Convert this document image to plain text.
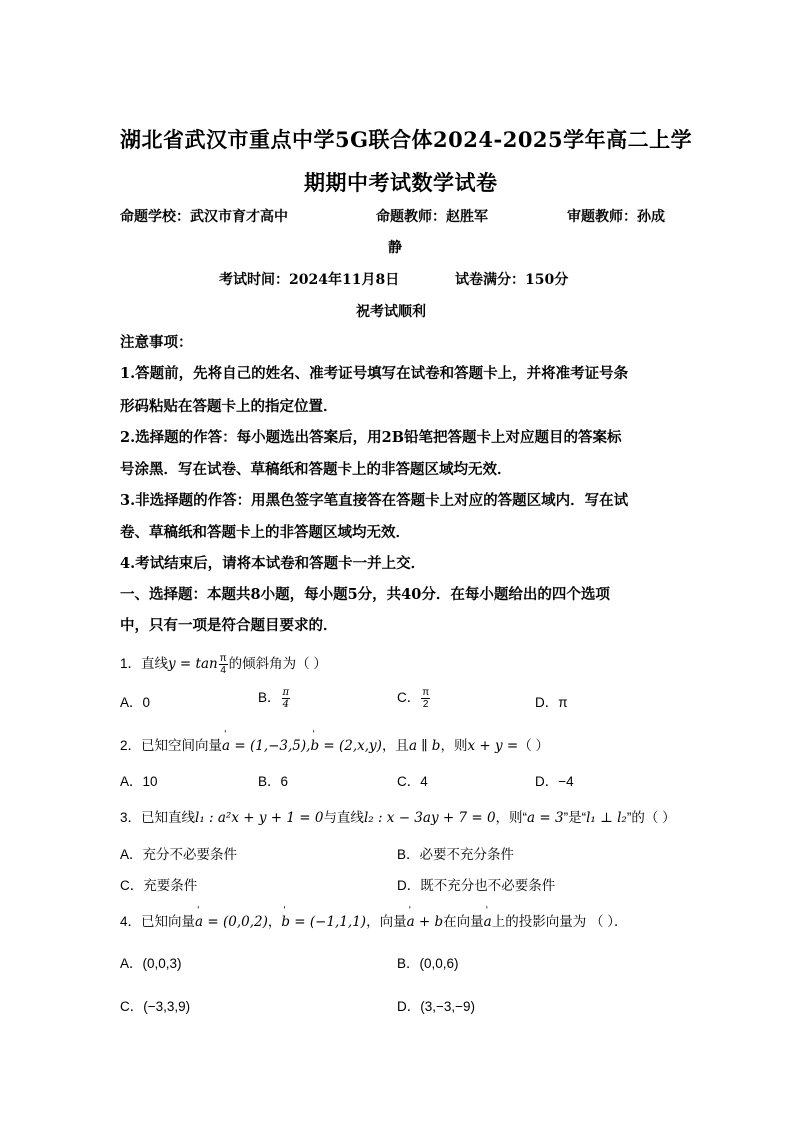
湖北省武汉市重点中学5G联合体2024-2025学年高二上学
期期中考试数学试卷
命题学校：武汉市育才高中	命题教师：赵胜军	审题教师：孙成
静
考试时间：2024年11月8日	试卷满分：150分
祝考试顺利
注意事项：
1.答题前，先将自己的姓名、准考证号填写在试卷和答题卡上，并将准考证号条
形码粘贴在答题卡上的指定位置．
2.选择题的作答：每小题选出答案后，用2B铅笔把答题卡上对应题目的答案标
号涂黑．写在试卷、草稿纸和答题卡上的非答题区域均无效．
3.非选择题的作答：用黑色签字笔直接答在答题卡上对应的答题区域内．写在试
卷、草稿纸和答题卡上的非答题区域均无效．
4.考试结束后，请将本试卷和答题卡一并上交．
一、选择题：本题共8小题，每小题5分，共40分．在每小题给出的四个选项
中，只有一项是符合题目要求的．
1．直线$y = \tan \frac{\pi}{4}$ 的倾斜角为（ ）
A．0	B． $\frac{\pi}{4}$	C． $\frac{\pi}{2}$	D．π
2．已知空间向量' a = (1,−3,5),' b = (2,x,y)，且a ∥ b，则x + y =（ ）
A．10	B．6	C．4	D．−4
3．已知直线l₁ : a²x + y + 1 = 0与直线l₂ : x − 3ay + 7 = 0，则“a = 3”是“l₁ ⊥ l₂”的（ ）
A．充分不必要条件	B．必要不充分条件
C．充要条件	D．既不充分也不必要条件
4．已知向量' a = (0,0,2)，' b = (−1,1,1)，向量' a + b在向量' a上的投影向量为 （ ）．
A．(0,0,3)	B．(0,0,6)
C．(−3,3,9)	D．(3,−3,−9)
